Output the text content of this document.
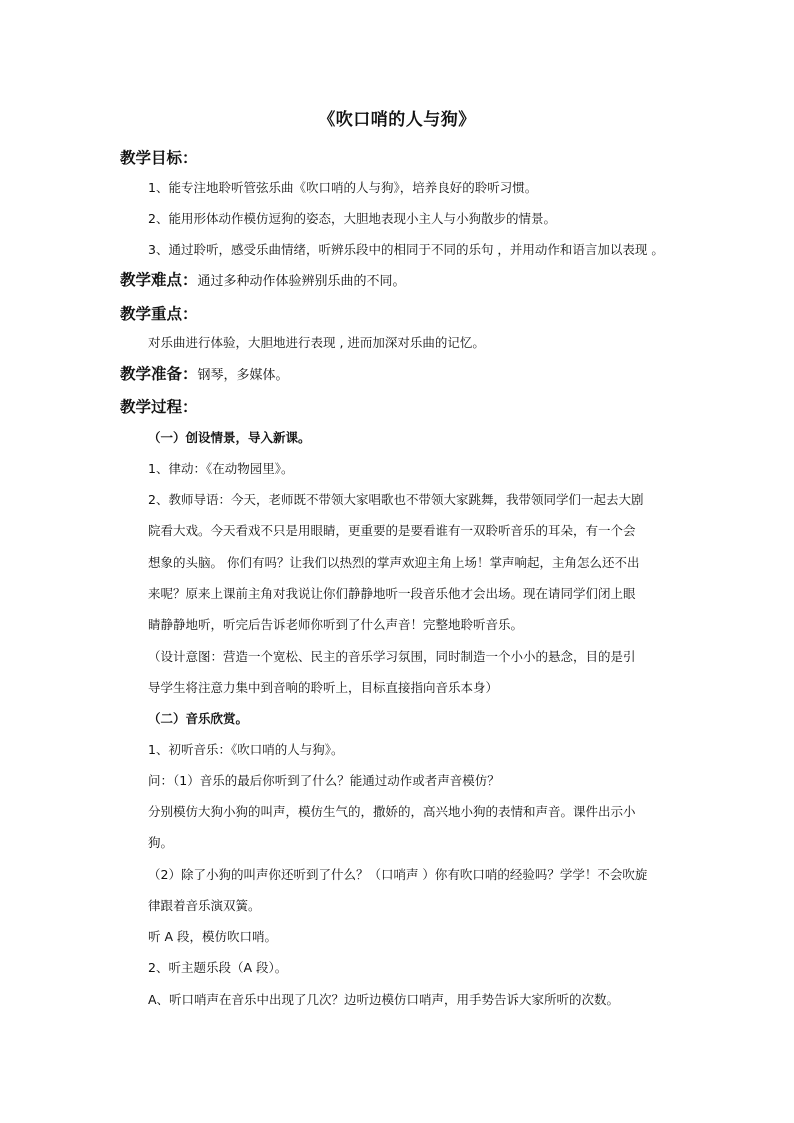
《吹口哨的人与狗》
教学目标：
1、能专注地聆听管弦乐曲《吹口哨的人与狗》，培养良好的聆听习惯。
2、能用形体动作模仿逗狗的姿态，大胆地表现小主人与小狗散步的情景。
3、通过聆听，感受乐曲情绪，听辨乐段中的相同于不同的乐句 ，并用动作和语言加以表现 。
教学难点：通过多种动作体验辨别乐曲的不同。
教学重点：
对乐曲进行体验，大胆地进行表现 , 进而加深对乐曲的记忆。
教学准备：钢琴，多媒体。
教学过程：
（一）创设情景，导入新课。
1、律动：《在动物园里》。
2、教师导语：今天，老师既不带领大家唱歌也不带领大家跳舞，我带领同学们一起去大剧
院看大戏。今天看戏不只是用眼睛，更重要的是要看谁有一双聆听音乐的耳朵，有一个会
想象的头脑。 你们有吗？让我们以热烈的掌声欢迎主角上场！掌声响起，主角怎么还不出
来呢？原来上课前主角对我说让你们静静地听一段音乐他才会出场。现在请同学们闭上眼
睛静静地听，听完后告诉老师你听到了什么声音！完整地聆听音乐。
（设计意图：营造一个宽松、民主的音乐学习氛围，同时制造一个小小的悬念，目的是引
导学生将注意力集中到音响的聆听上，目标直接指向音乐本身）
（二）音乐欣赏。
1、初听音乐：《吹口哨的人与狗》。
问：（1）音乐的最后你听到了什么？能通过动作或者声音模仿？
分别模仿大狗小狗的叫声，模仿生气的，撒娇的，高兴地小狗的表情和声音。课件出示小
狗。
（2）除了小狗的叫声你还听到了什么？（口哨声 ）你有吹口哨的经验吗？学学！不会吹旋
律跟着音乐演双簧。
听 A 段，模仿吹口哨。
2、听主题乐段（A 段）。
A、听口哨声在音乐中出现了几次？边听边模仿口哨声，用手势告诉大家所听的次数。
